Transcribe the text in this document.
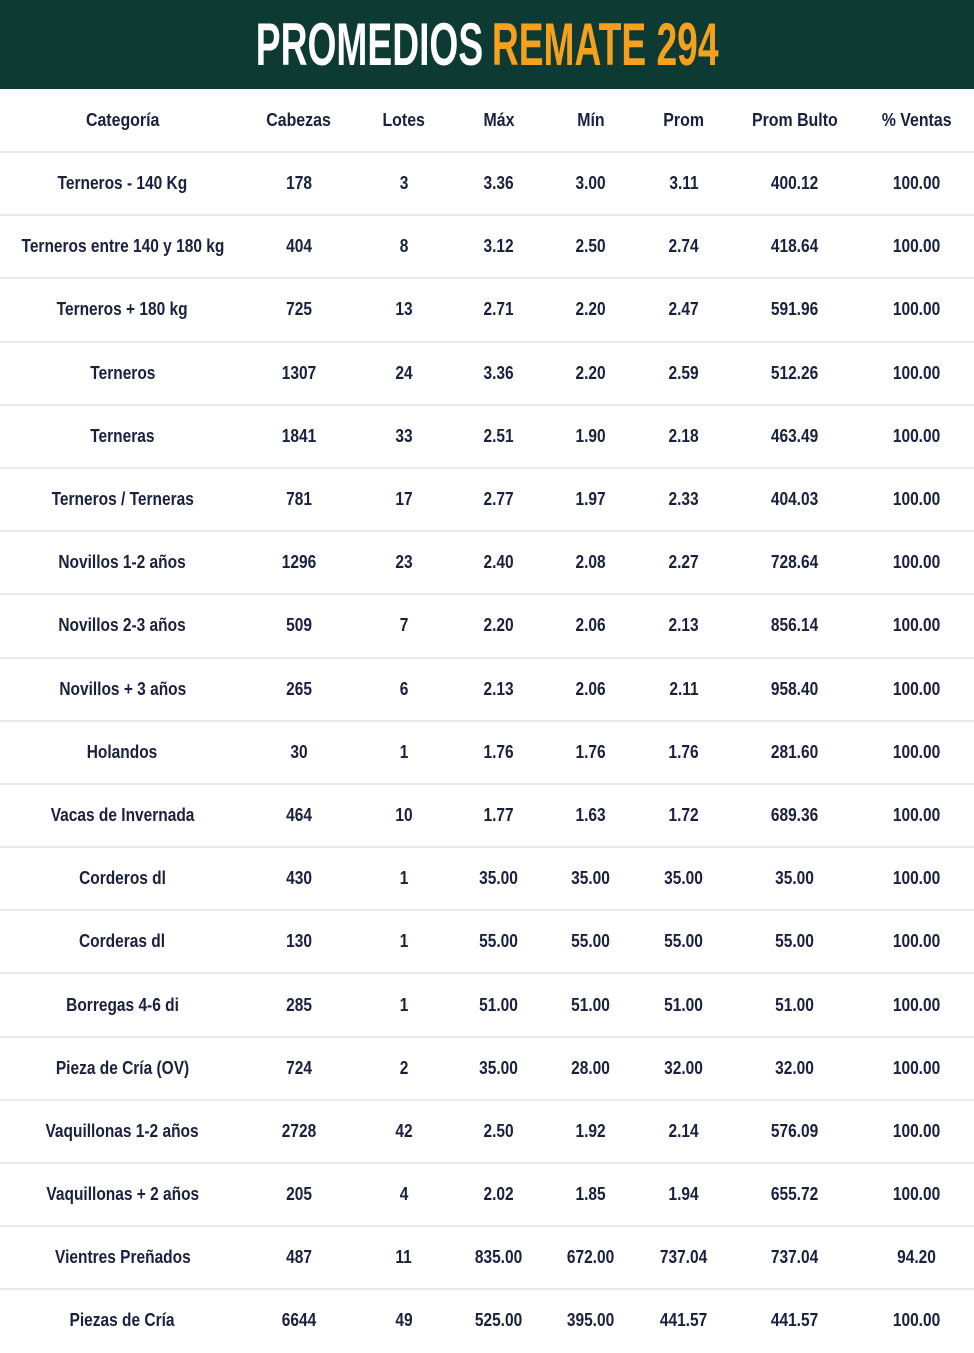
PROMEDIOS REMATE 294
Categoría	Cabezas	Lotes	Máx	Mín	Prom	Prom Bulto	% Ventas
Terneros - 140 Kg	178	3	3.36	3.00	3.11	400.12	100.00
Terneros entre 140 y 180 kg	404	8	3.12	2.50	2.74	418.64	100.00
Terneros + 180 kg	725	13	2.71	2.20	2.47	591.96	100.00
Terneros	1307	24	3.36	2.20	2.59	512.26	100.00
Terneras	1841	33	2.51	1.90	2.18	463.49	100.00
Terneros / Terneras	781	17	2.77	1.97	2.33	404.03	100.00
Novillos 1-2 años	1296	23	2.40	2.08	2.27	728.64	100.00
Novillos 2-3 años	509	7	2.20	2.06	2.13	856.14	100.00
Novillos + 3 años	265	6	2.13	2.06	2.11	958.40	100.00
Holandos	30	1	1.76	1.76	1.76	281.60	100.00
Vacas de Invernada	464	10	1.77	1.63	1.72	689.36	100.00
Corderos dl	430	1	35.00	35.00	35.00	35.00	100.00
Corderas dl	130	1	55.00	55.00	55.00	55.00	100.00
Borregas 4-6 di	285	1	51.00	51.00	51.00	51.00	100.00
Pieza de Cría (OV)	724	2	35.00	28.00	32.00	32.00	100.00
Vaquillonas 1-2 años	2728	42	2.50	1.92	2.14	576.09	100.00
Vaquillonas + 2 años	205	4	2.02	1.85	1.94	655.72	100.00
Vientres Preñados	487	11	835.00	672.00	737.04	737.04	94.20
Piezas de Cría	6644	49	525.00	395.00	441.57	441.57	100.00
